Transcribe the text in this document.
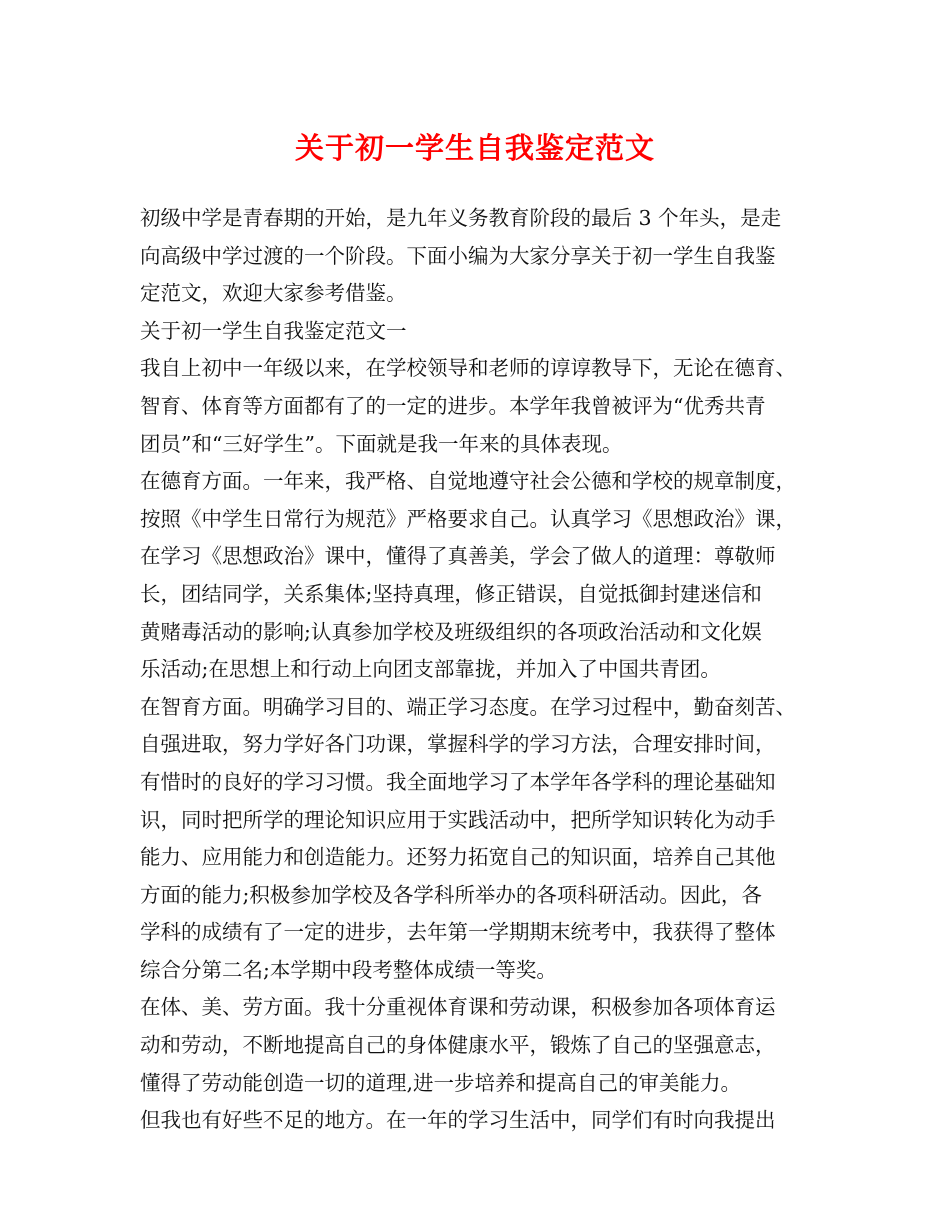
关于初一学生自我鉴定范文
初级中学是青春期的开始，是九年义务教育阶段的最后 3 个年头，是走
向高级中学过渡的一个阶段。下面小编为大家分享关于初一学生自我鉴
定范文，欢迎大家参考借鉴。
关于初一学生自我鉴定范文一
我自上初中一年级以来，在学校领导和老师的谆谆教导下，无论在德育、
智育、体育等方面都有了的一定的进步。本学年我曾被评为“优秀共青
团员”和“三好学生”。下面就是我一年来的具体表现。
在德育方面。一年来，我严格、自觉地遵守社会公德和学校的规章制度，
按照《中学生日常行为规范》严格要求自己。认真学习《思想政治》课，
在学习《思想政治》课中，懂得了真善美，学会了做人的道理：尊敬师
长，团结同学，关系集体;坚持真理，修正错误，自觉抵御封建迷信和
黄赌毒活动的影响;认真参加学校及班级组织的各项政治活动和文化娱
乐活动;在思想上和行动上向团支部靠拢，并加入了中国共青团。
在智育方面。明确学习目的、端正学习态度。在学习过程中，勤奋刻苦、
自强进取，努力学好各门功课，掌握科学的学习方法，合理安排时间，
有惜时的良好的学习习惯。我全面地学习了本学年各学科的理论基础知
识，同时把所学的理论知识应用于实践活动中，把所学知识转化为动手
能力、应用能力和创造能力。还努力拓宽自己的知识面，培养自己其他
方面的能力;积极参加学校及各学科所举办的各项科研活动。因此，各
学科的成绩有了一定的进步，去年第一学期期末统考中，我获得了整体
综合分第二名;本学期中段考整体成绩一等奖。
在体、美、劳方面。我十分重视体育课和劳动课，积极参加各项体育运
动和劳动，不断地提高自己的身体健康水平，锻炼了自己的坚强意志，
懂得了劳动能创造一切的道理,进一步培养和提高自己的审美能力。
但我也有好些不足的地方。在一年的学习生活中，同学们有时向我提出
